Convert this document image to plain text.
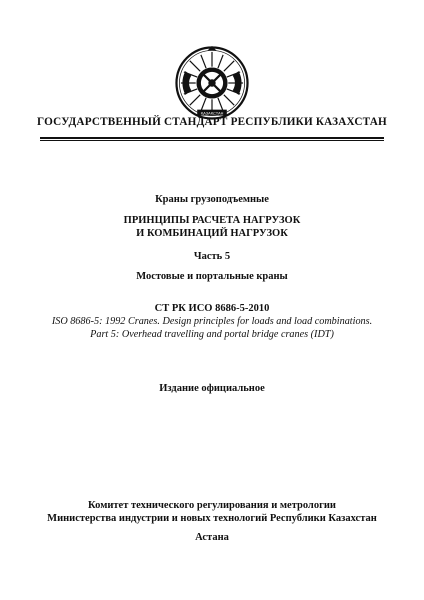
ҚАЗАҚСТАН
ГОСУДАРСТВЕННЫЙ СТАНДАРТ РЕСПУБЛИКИ КАЗАХСТАН
Краны грузоподъемные
ПРИНЦИПЫ РАСЧЕТА НАГРУЗОК
И КОМБИНАЦИЙ НАГРУЗОК
Часть 5
Мостовые и портальные краны
СТ РК ИСО 8686-5-2010
ISO 8686-5: 1992 Cranes. Design principles for loads and load combinations.
Part 5: Overhead travelling and portal bridge cranes (IDT)
Издание официальное
Комитет технического регулирования и метрологии
Министерства индустрии и новых технологий Республики Казахстан
Астана
